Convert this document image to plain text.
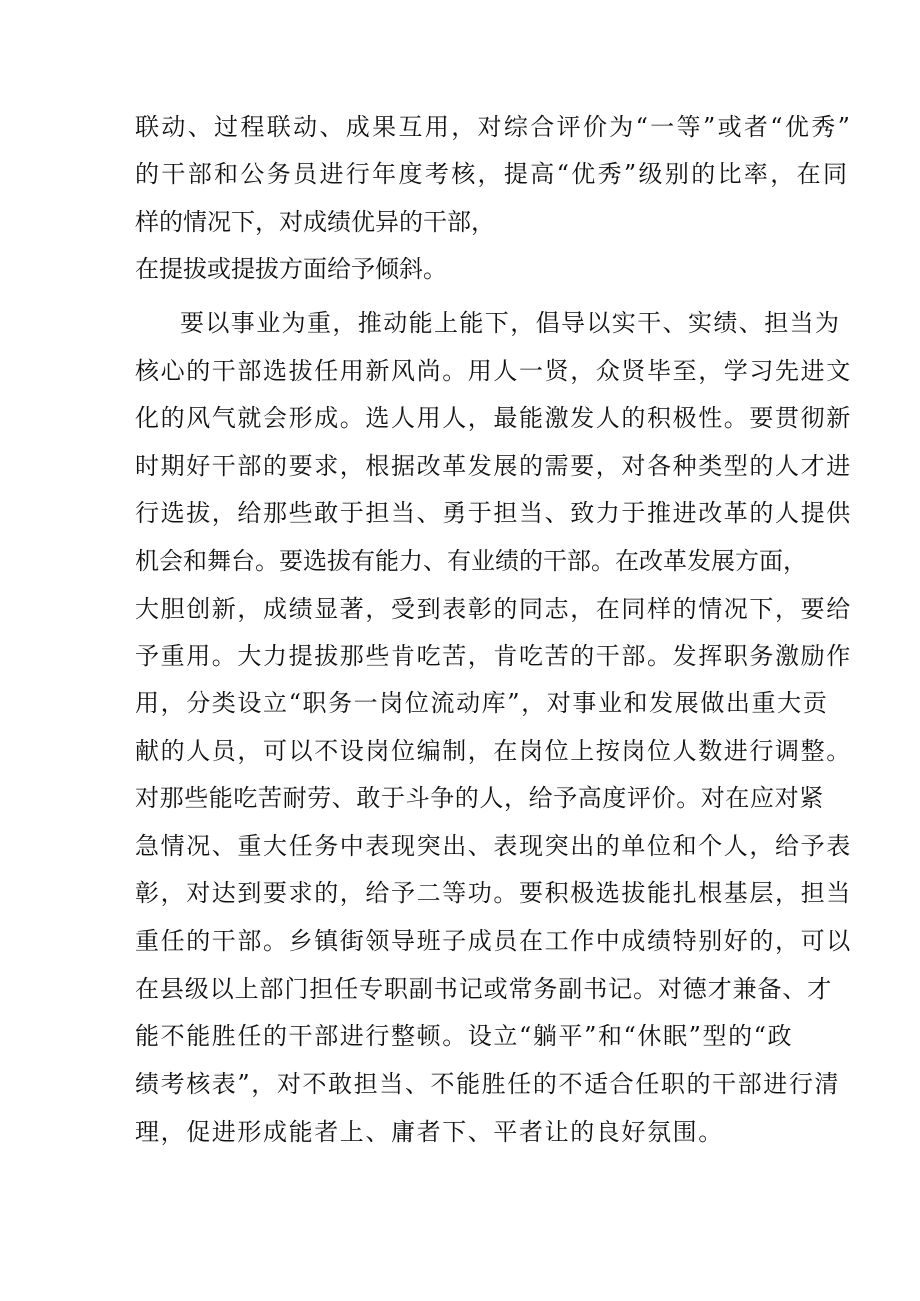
联动、过程联动、成果互用，对综合评价为“一等”或者“优秀”
的干部和公务员进行年度考核，提高“优秀”级别的比率，在同
样的情况下，对成绩优异的干部，
在提拔或提拔方面给予倾斜。
要以事业为重，推动能上能下，倡导以实干、实绩、担当为
核心的干部选拔任用新风尚。用人一贤，众贤毕至，学习先进文
化的风气就会形成。选人用人，最能激发人的积极性。要贯彻新
时期好干部的要求，根据改革发展的需要，对各种类型的人才进
行选拔，给那些敢于担当、勇于担当、致力于推进改革的人提供
机会和舞台。要选拔有能力、有业绩的干部。在改革发展方面，
大胆创新，成绩显著，受到表彰的同志，在同样的情况下，要给
予重用。大力提拔那些肯吃苦，肯吃苦的干部。发挥职务激励作
用，分类设立“职务一岗位流动库”，对事业和发展做出重大贡
献的人员，可以不设岗位编制，在岗位上按岗位人数进行调整。
对那些能吃苦耐劳、敢于斗争的人，给予高度评价。对在应对紧
急情况、重大任务中表现突出、表现突出的单位和个人，给予表
彰，对达到要求的，给予二等功。要积极选拔能扎根基层，担当
重任的干部。乡镇街领导班子成员在工作中成绩特别好的，可以
在县级以上部门担任专职副书记或常务副书记。对德才兼备、才
能不能胜任的干部进行整顿。设立“躺平”和“休眠”型的“政
绩考核表”，对不敢担当、不能胜任的不适合任职的干部进行清
理，促进形成能者上、庸者下、平者让的良好氛围。
